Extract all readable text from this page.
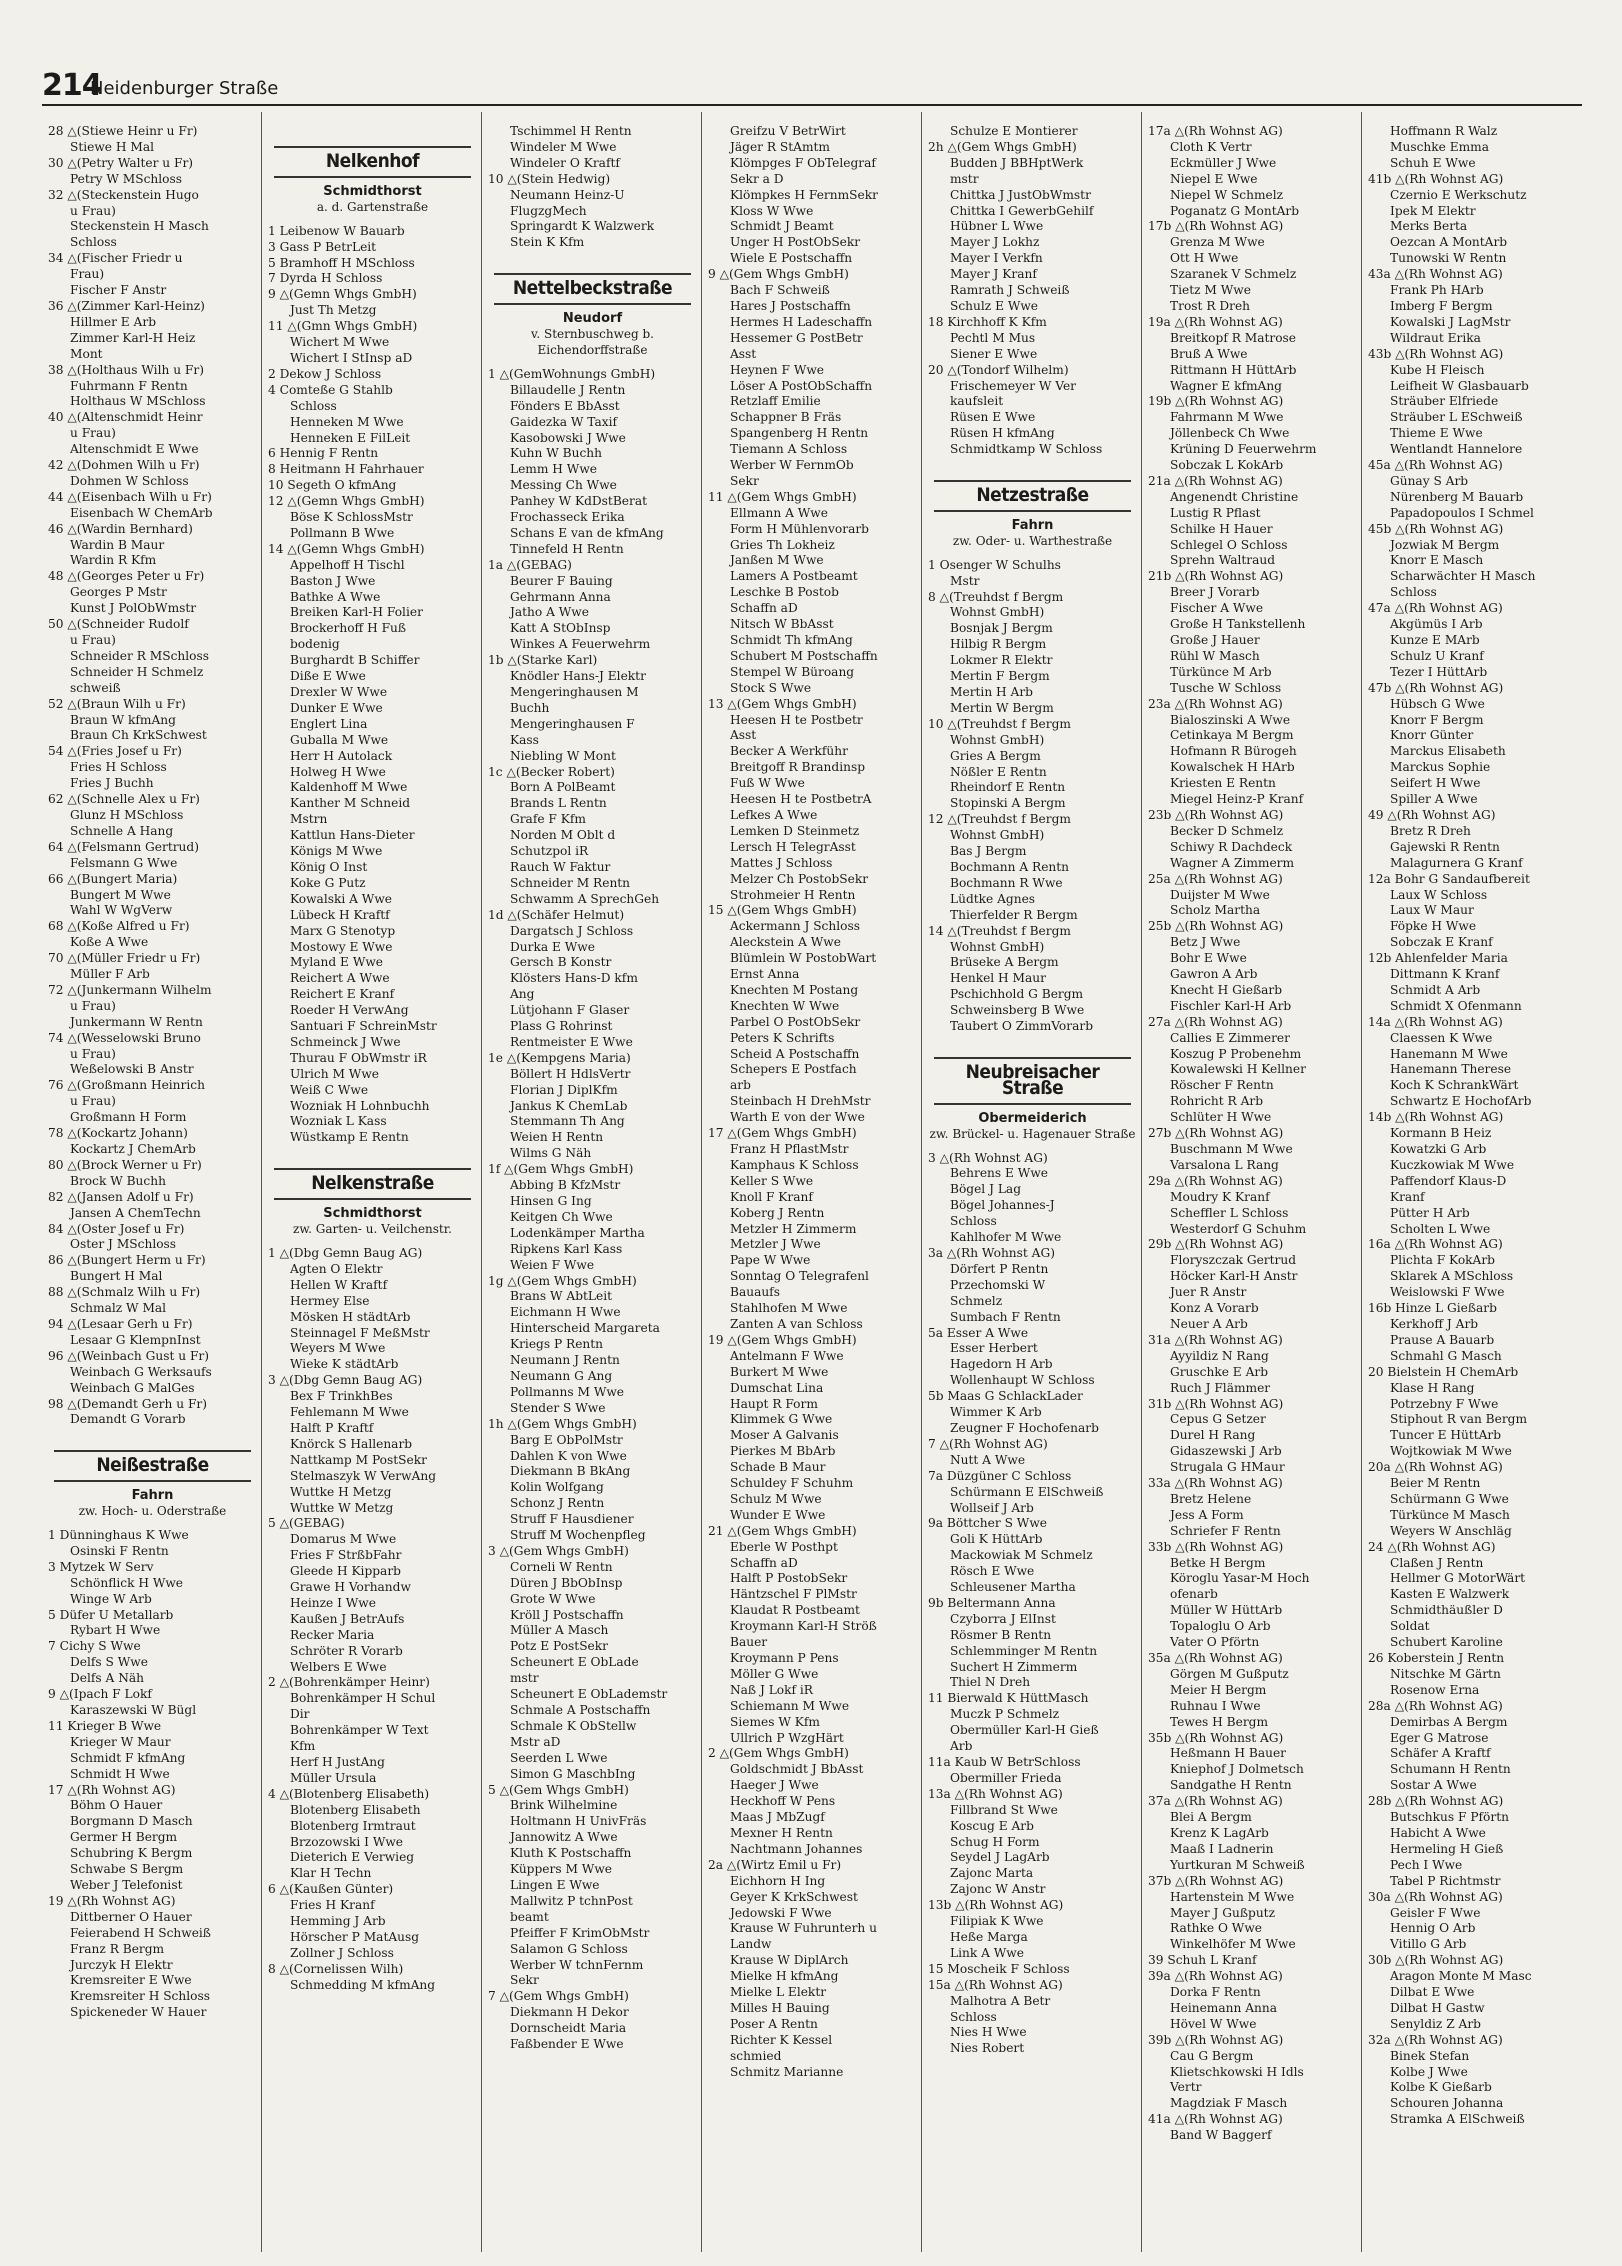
214
Neidenburger Straße
28 △(Stiewe Heinr u Fr)
Stiewe H Mal
30 △(Petry Walter u Fr)
Petry W MSchloss
32 △(Steckenstein Hugo
u Frau)
Steckenstein H Masch
Schloss
34 △(Fischer Friedr u
Frau)
Fischer F Anstr
36 △(Zimmer Karl-Heinz)
Hillmer E Arb
Zimmer Karl-H Heiz
Mont
38 △(Holthaus Wilh u Fr)
Fuhrmann F Rentn
Holthaus W MSchloss
40 △(Altenschmidt Heinr
u Frau)
Altenschmidt E Wwe
42 △(Dohmen Wilh u Fr)
Dohmen W Schloss
44 △(Eisenbach Wilh u Fr)
Eisenbach W ChemArb
46 △(Wardin Bernhard)
Wardin B Maur
Wardin R Kfm
48 △(Georges Peter u Fr)
Georges P Mstr
Kunst J PolObWmstr
50 △(Schneider Rudolf
u Frau)
Schneider R MSchloss
Schneider H Schmelz
schweiß
52 △(Braun Wilh u Fr)
Braun W kfmAng
Braun Ch KrkSchwest
54 △(Fries Josef u Fr)
Fries H Schloss
Fries J Buchh
62 △(Schnelle Alex u Fr)
Glunz H MSchloss
Schnelle A Hang
64 △(Felsmann Gertrud)
Felsmann G Wwe
66 △(Bungert Maria)
Bungert M Wwe
Wahl W WgVerw
68 △(Koße Alfred u Fr)
Koße A Wwe
70 △(Müller Friedr u Fr)
Müller F Arb
72 △(Junkermann Wilhelm
u Frau)
Junkermann W Rentn
74 △(Wesselowski Bruno
u Frau)
Weßelowski B Anstr
76 △(Großmann Heinrich
u Frau)
Großmann H Form
78 △(Kockartz Johann)
Kockartz J ChemArb
80 △(Brock Werner u Fr)
Brock W Buchh
82 △(Jansen Adolf u Fr)
Jansen A ChemTechn
84 △(Oster Josef u Fr)
Oster J MSchloss
86 △(Bungert Herm u Fr)
Bungert H Mal
88 △(Schmalz Wilh u Fr)
Schmalz W Mal
94 △(Lesaar Gerh u Fr)
Lesaar G KlempnInst
96 △(Weinbach Gust u Fr)
Weinbach G Werksaufs
Weinbach G MalGes
98 △(Demandt Gerh u Fr)
Demandt G Vorarb
Neißestraße
Fahrn
zw. Hoch- u. Oderstraße
1 Dünninghaus K Wwe
Osinski F Rentn
3 Mytzek W Serv
Schönflick H Wwe
Winge W Arb
5 Düfer U Metallarb
Rybart H Wwe
7 Cichy S Wwe
Delfs S Wwe
Delfs A Näh
9 △(Ipach F Lokf
Karaszewski W Bügl
11 Krieger B Wwe
Krieger W Maur
Schmidt F kfmAng
Schmidt H Wwe
17 △(Rh Wohnst AG)
Böhm O Hauer
Borgmann D Masch
Germer H Bergm
Schubring K Bergm
Schwabe S Bergm
Weber J Telefonist
19 △(Rh Wohnst AG)
Dittberner O Hauer
Feierabend H Schweiß
Franz R Bergm
Jurczyk H Elektr
Kremsreiter E Wwe
Kremsreiter H Schloss
Spickeneder W Hauer
Nelkenhof
Schmidthorst
a. d. Gartenstraße
1 Leibenow W Bauarb
3 Gass P BetrLeit
5 Bramhoff H MSchloss
7 Dyrda H Schloss
9 △(Gemn Whgs GmbH)
Just Th Metzg
11 △(Gmn Whgs GmbH)
Wichert M Wwe
Wichert I StInsp aD
2 Dekow J Schloss
4 Comteße G Stahlb
Schloss
Henneken M Wwe
Henneken E FilLeit
6 Hennig F Rentn
8 Heitmann H Fahrhauer
10 Segeth O kfmAng
12 △(Gemn Whgs GmbH)
Böse K SchlossMstr
Pollmann B Wwe
14 △(Gemn Whgs GmbH)
Appelhoff H Tischl
Baston J Wwe
Bathke A Wwe
Breiken Karl-H Folier
Brockerhoff H Fuß
bodenig
Burghardt B Schiffer
Diße E Wwe
Drexler W Wwe
Dunker E Wwe
Englert Lina
Guballa M Wwe
Herr H Autolack
Holweg H Wwe
Kaldenhoff M Wwe
Kanther M Schneid
Mstrn
Kattlun Hans-Dieter
Königs M Wwe
König O Inst
Koke G Putz
Kowalski A Wwe
Lübeck H Kraftf
Marx G Stenotyp
Mostowy E Wwe
Myland E Wwe
Reichert A Wwe
Reichert E Kranf
Roeder H VerwAng
Santuari F SchreinMstr
Schmeinck J Wwe
Thurau F ObWmstr iR
Ulrich M Wwe
Weiß C Wwe
Wozniak H Lohnbuchh
Wozniak L Kass
Wüstkamp E Rentn
Nelkenstraße
Schmidthorst
zw. Garten- u. Veilchenstr.
1 △(Dbg Gemn Baug AG)
Agten O Elektr
Hellen W Kraftf
Hermey Else
Mösken H städtArb
Steinnagel F MeßMstr
Weyers M Wwe
Wieke K städtArb
3 △(Dbg Gemn Baug AG)
Bex F TrinkhBes
Fehlemann M Wwe
Halft P Kraftf
Knörck S Hallenarb
Nattkamp M PostSekr
Stelmaszyk W VerwAng
Wuttke H Metzg
Wuttke W Metzg
5 △(GEBAG)
Domarus M Wwe
Fries F StrßbFahr
Gleede H Kipparb
Grawe H Vorhandw
Heinze I Wwe
Kaußen J BetrAufs
Recker Maria
Schröter R Vorarb
Welbers E Wwe
2 △(Bohrenkämper Heinr)
Bohrenkämper H Schul
Dir
Bohrenkämper W Text
Kfm
Herf H JustAng
Müller Ursula
4 △(Blotenberg Elisabeth)
Blotenberg Elisabeth
Blotenberg Irmtraut
Brzozowski I Wwe
Dieterich E Verwieg
Klar H Techn
6 △(Kaußen Günter)
Fries H Kranf
Hemming J Arb
Hörscher P MatAusg
Zollner J Schloss
8 △(Cornelissen Wilh)
Schmedding M kfmAng
Tschimmel H Rentn
Windeler M Wwe
Windeler O Kraftf
10 △(Stein Hedwig)
Neumann Heinz-U
FlugzgMech
Springardt K Walzwerk
Stein K Kfm
Nettelbeckstraße
Neudorf
v. Sternbuschweg b. Eichendorffstraße
1 △(GemWohnungs GmbH)
Billaudelle J Rentn
Fönders E BbAsst
Gaidezka W Taxif
Kasobowski J Wwe
Kuhn W Buchh
Lemm H Wwe
Messing Ch Wwe
Panhey W KdDstBerat
Frochasseck Erika
Schans E van de kfmAng
Tinnefeld H Rentn
1a △(GEBAG)
Beurer F Bauing
Gehrmann Anna
Jatho A Wwe
Katt A StObInsp
Winkes A Feuerwehrm
1b △(Starke Karl)
Knödler Hans-J Elektr
Mengeringhausen M
Buchh
Mengeringhausen F
Kass
Niebling W Mont
1c △(Becker Robert)
Born A PolBeamt
Brands L Rentn
Grafe F Kfm
Norden M Oblt d
Schutzpol iR
Rauch W Faktur
Schneider M Rentn
Schwamm A SprechGeh
1d △(Schäfer Helmut)
Dargatsch J Schloss
Durka E Wwe
Gersch B Konstr
Klösters Hans-D kfm
Ang
Lütjohann F Glaser
Plass G Rohrinst
Rentmeister E Wwe
1e △(Kempgens Maria)
Böllert H HdlsVertr
Florian J DiplKfm
Jankus K ChemLab
Stemmann Th Ang
Weien H Rentn
Wilms G Näh
1f △(Gem Whgs GmbH)
Abbing B KfzMstr
Hinsen G Ing
Keitgen Ch Wwe
Lodenkämper Martha
Ripkens Karl Kass
Weien F Wwe
1g △(Gem Whgs GmbH)
Brans W AbtLeit
Eichmann H Wwe
Hinterscheid Margareta
Kriegs P Rentn
Neumann J Rentn
Neumann G Ang
Pollmanns M Wwe
Stender S Wwe
1h △(Gem Whgs GmbH)
Barg E ObPolMstr
Dahlen K von Wwe
Diekmann B BkAng
Kolin Wolfgang
Schonz J Rentn
Struff F Hausdiener
Struff M Wochenpfleg
3 △(Gem Whgs GmbH)
Corneli W Rentn
Düren J BbObInsp
Grote W Wwe
Kröll J Postschaffn
Müller A Masch
Potz E PostSekr
Scheunert E ObLade
mstr
Scheunert E ObLademstr
Schmale A Postschaffn
Schmale K ObStellw
Mstr aD
Seerden L Wwe
Simon G MaschbIng
5 △(Gem Whgs GmbH)
Brink Wilhelmine
Holtmann H UnivFräs
Jannowitz A Wwe
Kluth K Postschaffn
Küppers M Wwe
Lingen E Wwe
Mallwitz P tchnPost
beamt
Pfeiffer F KrimObMstr
Salamon G Schloss
Werber W tchnFernm
Sekr
7 △(Gem Whgs GmbH)
Diekmann H Dekor
Dornscheidt Maria
Faßbender E Wwe
Greifzu V BetrWirt
Jäger R StAmtm
Klömpges F ObTelegraf
Sekr a D
Klömpkes H FernmSekr
Kloss W Wwe
Schmidt J Beamt
Unger H PostObSekr
Wiele E Postschaffn
9 △(Gem Whgs GmbH)
Bach F Schweiß
Hares J Postschaffn
Hermes H Ladeschaffn
Hessemer G PostBetr
Asst
Heynen F Wwe
Löser A PostObSchaffn
Retzlaff Emilie
Schappner B Fräs
Spangenberg H Rentn
Tiemann A Schloss
Werber W FernmOb
Sekr
11 △(Gem Whgs GmbH)
Ellmann A Wwe
Form H Mühlenvorarb
Gries Th Lokheiz
Janßen M Wwe
Lamers A Postbeamt
Leschke B Postob
Schaffn aD
Nitsch W BbAsst
Schmidt Th kfmAng
Schubert M Postschaffn
Stempel W Büroang
Stock S Wwe
13 △(Gem Whgs GmbH)
Heesen H te Postbetr
Asst
Becker A Werkführ
Breitgoff R Brandinsp
Fuß W Wwe
Heesen H te PostbetrA
Lefkes A Wwe
Lemken D Steinmetz
Lersch H TelegrAsst
Mattes J Schloss
Melzer Ch PostobSekr
Strohmeier H Rentn
15 △(Gem Whgs GmbH)
Ackermann J Schloss
Aleckstein A Wwe
Blümlein W PostobWart
Ernst Anna
Knechten M Postang
Knechten W Wwe
Parbel O PostObSekr
Peters K Schrifts
Scheid A Postschaffn
Schepers E Postfach
arb
Steinbach H DrehMstr
Warth E von der Wwe
17 △(Gem Whgs GmbH)
Franz H PflastMstr
Kamphaus K Schloss
Keller S Wwe
Knoll F Kranf
Koberg J Rentn
Metzler H Zimmerm
Metzler J Wwe
Pape W Wwe
Sonntag O Telegrafenl
Bauaufs
Stahlhofen M Wwe
Zanten A van Schloss
19 △(Gem Whgs GmbH)
Antelmann F Wwe
Burkert M Wwe
Dumschat Lina
Haupt R Form
Klimmek G Wwe
Moser A Galvanis
Pierkes M BbArb
Schade B Maur
Schuldey F Schuhm
Schulz M Wwe
Wunder E Wwe
21 △(Gem Whgs GmbH)
Eberle W Posthpt
Schaffn aD
Halft P PostobSekr
Häntzschel F PlMstr
Klaudat R Postbeamt
Kroymann Karl-H Ströß
Bauer
Kroymann P Pens
Möller G Wwe
Naß J Lokf iR
Schiemann M Wwe
Siemes W Kfm
Ullrich P WzgHärt
2 △(Gem Whgs GmbH)
Goldschmidt J BbAsst
Haeger J Wwe
Heckhoff W Pens
Maas J MbZugf
Mexner H Rentn
Nachtmann Johannes
2a △(Wirtz Emil u Fr)
Eichhorn H Ing
Geyer K KrkSchwest
Jedowski F Wwe
Krause W Fuhrunterh u
Landw
Krause W DiplArch
Mielke H kfmAng
Mielke L Elektr
Milles H Bauing
Poser A Rentn
Richter K Kessel
schmied
Schmitz Marianne
Schulze E Montierer
2h △(Gem Whgs GmbH)
Budden J BBHptWerk
mstr
Chittka J JustObWmstr
Chittka I GewerbGehilf
Hübner L Wwe
Mayer J Lokhz
Mayer I Verkfn
Mayer J Kranf
Ramrath J Schweiß
Schulz E Wwe
18 Kirchhoff K Kfm
Pechtl M Mus
Siener E Wwe
20 △(Tondorf Wilhelm)
Frischemeyer W Ver
kaufsleit
Rüsen E Wwe
Rüsen H kfmAng
Schmidtkamp W Schloss
Netzestraße
Fahrn
zw. Oder- u. Warthestraße
1 Osenger W Schulhs
Mstr
8 △(Treuhdst f Bergm
Wohnst GmbH)
Bosnjak J Bergm
Hilbig R Bergm
Lokmer R Elektr
Mertin F Bergm
Mertin H Arb
Mertin W Bergm
10 △(Treuhdst f Bergm
Wohnst GmbH)
Gries A Bergm
Nößler E Rentn
Rheindorf E Rentn
Stopinski A Bergm
12 △(Treuhdst f Bergm
Wohnst GmbH)
Bas J Bergm
Bochmann A Rentn
Bochmann R Wwe
Lüdtke Agnes
Thierfelder R Bergm
14 △(Treuhdst f Bergm
Wohnst GmbH)
Brüseke A Bergm
Henkel H Maur
Pschichhold G Bergm
Schweinsberg B Wwe
Taubert O ZimmVorarb
Neubreisacher Straße
Obermeiderich
zw. Brückel- u. Hagenauer Straße
3 △(Rh Wohnst AG)
Behrens E Wwe
Bögel J Lag
Bögel Johannes-J
Schloss
Kahlhofer M Wwe
3a △(Rh Wohnst AG)
Dörfert P Rentn
Przechomski W
Schmelz
Sumbach F Rentn
5a Esser A Wwe
Esser Herbert
Hagedorn H Arb
Wollenhaupt W Schloss
5b Maas G SchlackLader
Wimmer K Arb
Zeugner F Hochofenarb
7 △(Rh Wohnst AG)
Nutt A Wwe
7a Düzgüner C Schloss
Schürmann E ElSchweiß
Wollseif J Arb
9a Böttcher S Wwe
Goli K HüttArb
Mackowiak M Schmelz
Rösch E Wwe
Schleusener Martha
9b Beltermann Anna
Czyborra J ElInst
Rösmer B Rentn
Schlemminger M Rentn
Suchert H Zimmerm
Thiel N Dreh
11 Bierwald K HüttMasch
Muczk P Schmelz
Obermüller Karl-H Gieß
Arb
11a Kaub W BetrSchloss
Obermiller Frieda
13a △(Rh Wohnst AG)
Fillbrand St Wwe
Koscug E Arb
Schug H Form
Seydel J LagArb
Zajonc Marta
Zajonc W Anstr
13b △(Rh Wohnst AG)
Filipiak K Wwe
Heße Marga
Link A Wwe
15 Moscheik F Schloss
15a △(Rh Wohnst AG)
Malhotra A Betr
Schloss
Nies H Wwe
Nies Robert
17a △(Rh Wohnst AG)
Cloth K Vertr
Eckmüller J Wwe
Niepel E Wwe
Niepel W Schmelz
Poganatz G MontArb
17b △(Rh Wohnst AG)
Grenza M Wwe
Ott H Wwe
Szaranek V Schmelz
Tietz M Wwe
Trost R Dreh
19a △(Rh Wohnst AG)
Breitkopf R Matrose
Bruß A Wwe
Rittmann H HüttArb
Wagner E kfmAng
19b △(Rh Wohnst AG)
Fahrmann M Wwe
Jöllenbeck Ch Wwe
Krüning D Feuerwehrm
Sobczak L KokArb
21a △(Rh Wohnst AG)
Angenendt Christine
Lustig R Pflast
Schilke H Hauer
Schlegel O Schloss
Sprehn Waltraud
21b △(Rh Wohnst AG)
Breer J Vorarb
Fischer A Wwe
Große H Tankstellenh
Große J Hauer
Rühl W Masch
Türkünce M Arb
Tusche W Schloss
23a △(Rh Wohnst AG)
Bialoszinski A Wwe
Cetinkaya M Bergm
Hofmann R Bürogeh
Kowalschek H HArb
Kriesten E Rentn
Miegel Heinz-P Kranf
23b △(Rh Wohnst AG)
Becker D Schmelz
Schiwy R Dachdeck
Wagner A Zimmerm
25a △(Rh Wohnst AG)
Duijster M Wwe
Scholz Martha
25b △(Rh Wohnst AG)
Betz J Wwe
Bohr E Wwe
Gawron A Arb
Knecht H Gießarb
Fischler Karl-H Arb
27a △(Rh Wohnst AG)
Callies E Zimmerer
Koszug P Probenehm
Kowalewski H Kellner
Röscher F Rentn
Rohricht R Arb
Schlüter H Wwe
27b △(Rh Wohnst AG)
Buschmann M Wwe
Varsalona L Rang
29a △(Rh Wohnst AG)
Moudry K Kranf
Scheffler L Schloss
Westerdorf G Schuhm
29b △(Rh Wohnst AG)
Floryszczak Gertrud
Höcker Karl-H Anstr
Juer R Anstr
Konz A Vorarb
Neuer A Arb
31a △(Rh Wohnst AG)
Ayyildiz N Rang
Gruschke E Arb
Ruch J Flämmer
31b △(Rh Wohnst AG)
Cepus G Setzer
Durel H Rang
Gidaszewski J Arb
Strugala G HMaur
33a △(Rh Wohnst AG)
Bretz Helene
Jess A Form
Schriefer F Rentn
33b △(Rh Wohnst AG)
Betke H Bergm
Köroglu Yasar-M Hoch
ofenarb
Müller W HüttArb
Topaloglu O Arb
Vater O Pförtn
35a △(Rh Wohnst AG)
Görgen M Gußputz
Meier H Bergm
Ruhnau I Wwe
Tewes H Bergm
35b △(Rh Wohnst AG)
Heßmann H Bauer
Kniephof J Dolmetsch
Sandgathe H Rentn
37a △(Rh Wohnst AG)
Blei A Bergm
Krenz K LagArb
Maaß I Ladnerin
Yurtkuran M Schweiß
37b △(Rh Wohnst AG)
Hartenstein M Wwe
Mayer J Gußputz
Rathke O Wwe
Winkelhöfer M Wwe
39 Schuh L Kranf
39a △(Rh Wohnst AG)
Dorka F Rentn
Heinemann Anna
Hövel W Wwe
39b △(Rh Wohnst AG)
Cau G Bergm
Klietschkowski H Idls
Vertr
Magdziak F Masch
41a △(Rh Wohnst AG)
Band W Baggerf
Hoffmann R Walz
Muschke Emma
Schuh E Wwe
41b △(Rh Wohnst AG)
Czernio E Werkschutz
Ipek M Elektr
Merks Berta
Oezcan A MontArb
Tunowski W Rentn
43a △(Rh Wohnst AG)
Frank Ph HArb
Imberg F Bergm
Kowalski J LagMstr
Wildraut Erika
43b △(Rh Wohnst AG)
Kube H Fleisch
Leifheit W Glasbauarb
Sträuber Elfriede
Sträuber L ESchweiß
Thieme E Wwe
Wentlandt Hannelore
45a △(Rh Wohnst AG)
Günay S Arb
Nürenberg M Bauarb
Papadopoulos I Schmel
45b △(Rh Wohnst AG)
Jozwiak M Bergm
Knorr E Masch
Scharwächter H Masch
Schloss
47a △(Rh Wohnst AG)
Akgümüs I Arb
Kunze E MArb
Schulz U Kranf
Tezer I HüttArb
47b △(Rh Wohnst AG)
Hübsch G Wwe
Knorr F Bergm
Knorr Günter
Marckus Elisabeth
Marckus Sophie
Seifert H Wwe
Spiller A Wwe
49 △(Rh Wohnst AG)
Bretz R Dreh
Gajewski R Rentn
Malagurnera G Kranf
12a Bohr G Sandaufbereit
Laux W Schloss
Laux W Maur
Föpke H Wwe
Sobczak E Kranf
12b Ahlenfelder Maria
Dittmann K Kranf
Schmidt A Arb
Schmidt X Ofenmann
14a △(Rh Wohnst AG)
Claessen K Wwe
Hanemann M Wwe
Hanemann Therese
Koch K SchrankWärt
Schwartz E HochofArb
14b △(Rh Wohnst AG)
Kormann B Heiz
Kowatzki G Arb
Kuczkowiak M Wwe
Paffendorf Klaus-D
Kranf
Pütter H Arb
Scholten L Wwe
16a △(Rh Wohnst AG)
Plichta F KokArb
Sklarek A MSchloss
Weislowski F Wwe
16b Hinze L Gießarb
Kerkhoff J Arb
Prause A Bauarb
Schmahl G Masch
20 Bielstein H ChemArb
Klase H Rang
Potrzebny F Wwe
Stiphout R van Bergm
Tuncer E HüttArb
Wojtkowiak M Wwe
20a △(Rh Wohnst AG)
Beier M Rentn
Schürmann G Wwe
Türkünce M Masch
Weyers W Anschläg
24 △(Rh Wohnst AG)
Claßen J Rentn
Hellmer G MotorWärt
Kasten E Walzwerk
Schmidthäußler D
Soldat
Schubert Karoline
26 Koberstein J Rentn
Nitschke M Gärtn
Rosenow Erna
28a △(Rh Wohnst AG)
Demirbas A Bergm
Eger G Matrose
Schäfer A Kraftf
Schumann H Rentn
Sostar A Wwe
28b △(Rh Wohnst AG)
Butschkus F Pförtn
Habicht A Wwe
Hermeling H Gieß
Pech I Wwe
Tabel P Richtmstr
30a △(Rh Wohnst AG)
Geisler F Wwe
Hennig O Arb
Vitillo G Arb
30b △(Rh Wohnst AG)
Aragon Monte M Masc
Dilbat E Wwe
Dilbat H Gastw
Senyldiz Z Arb
32a △(Rh Wohnst AG)
Binek Stefan
Kolbe J Wwe
Kolbe K Gießarb
Schouren Johanna
Stramka A ElSchweiß
